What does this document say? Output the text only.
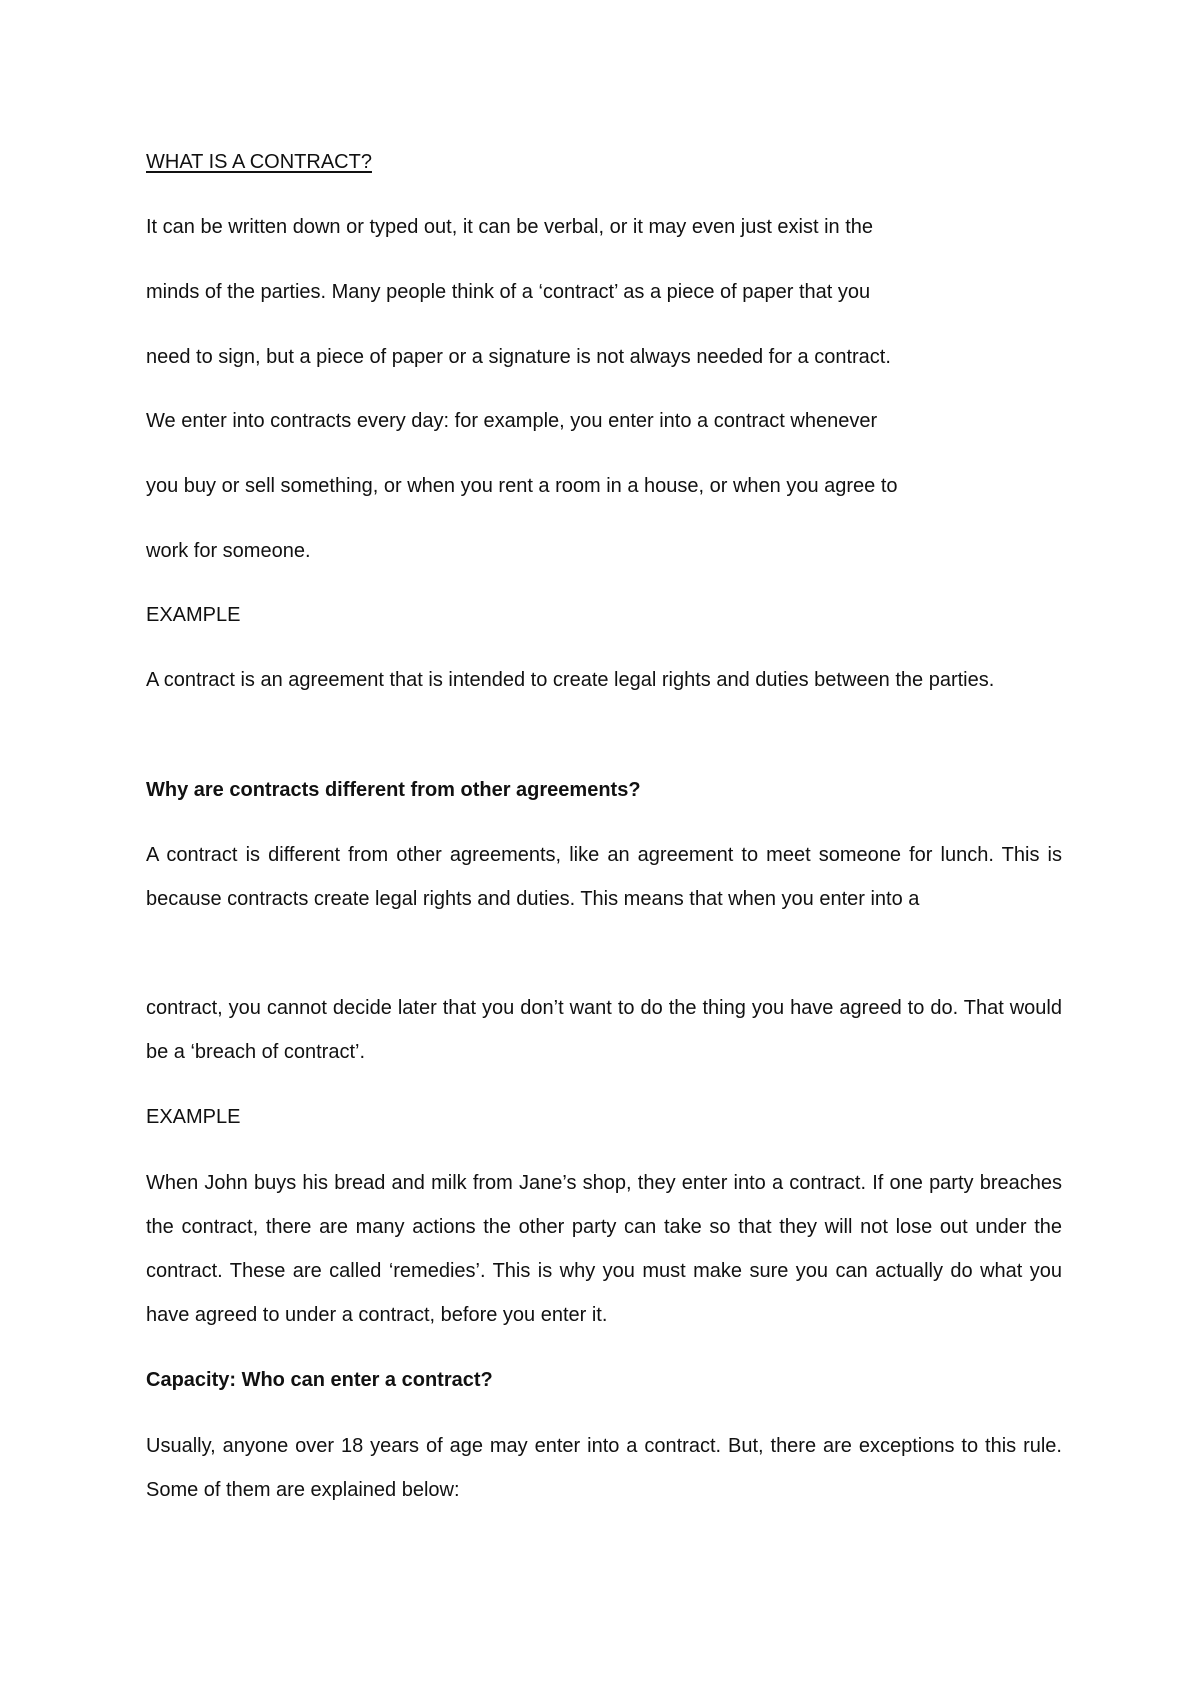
WHAT IS A CONTRACT?

It can be written down or typed out, it can be verbal, or it may even just exist in the

minds of the parties. Many people think of a ‘contract’ as a piece of paper that you

need to sign, but a piece of paper or a signature is not always needed for a contract.

We enter into contracts every day: for example, you enter into a contract whenever

you buy or sell something, or when you rent a room in a house, or when you agree to

work for someone.

EXAMPLE

A contract is an agreement that is intended to create legal rights and duties between the parties.

Why are contracts different from other agreements?

A contract is different from other agreements, like an agreement to meet someone for lunch. This is because contracts create legal rights and duties. This means that when you enter into a

contract, you cannot decide later that you don’t want to do the thing you have agreed to do. That would be a ‘breach of contract’.

EXAMPLE

When John buys his bread and milk from Jane’s shop, they enter into a contract. If one party breaches the contract, there are many actions the other party can take so that they will not lose out under the contract. These are called ‘remedies’. This is why you must make sure you can actually do what you have agreed to under a contract, before you enter it.

Capacity: Who can enter a contract?

Usually, anyone over 18 years of age may enter into a contract. But, there are exceptions to this rule. Some of them are explained below:
